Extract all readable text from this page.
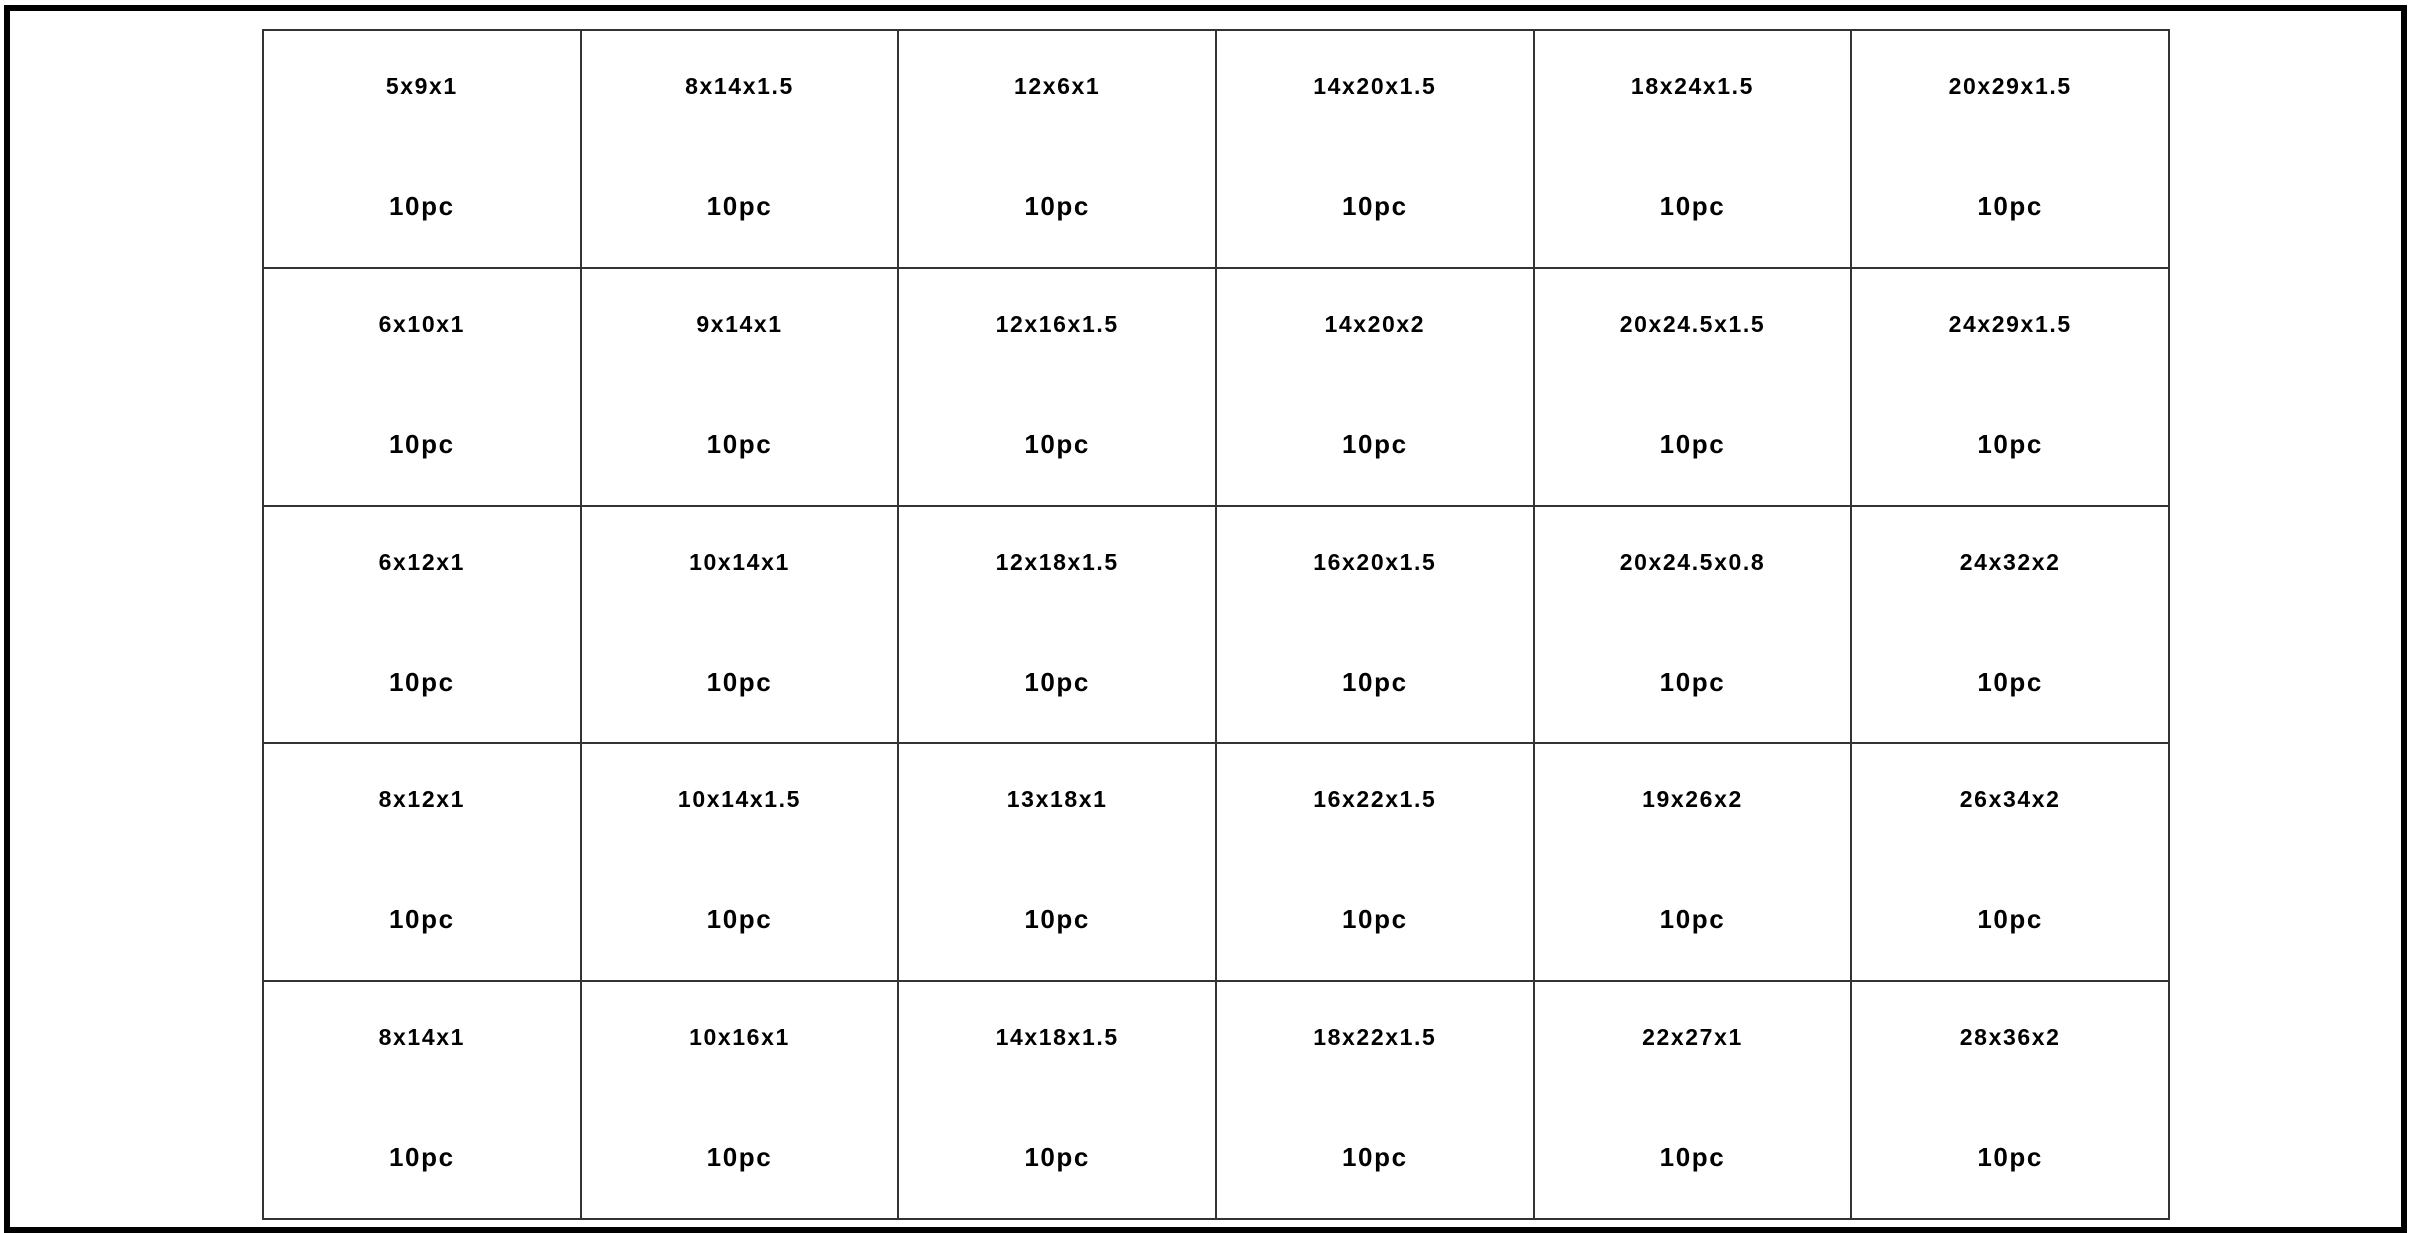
5x9x1
10pc
8x14x1.5
10pc
12x6x1
10pc
14x20x1.5
10pc
18x24x1.5
10pc
20x29x1.5
10pc
6x10x1
10pc
9x14x1
10pc
12x16x1.5
10pc
14x20x2
10pc
20x24.5x1.5
10pc
24x29x1.5
10pc
6x12x1
10pc
10x14x1
10pc
12x18x1.5
10pc
16x20x1.5
10pc
20x24.5x0.8
10pc
24x32x2
10pc
8x12x1
10pc
10x14x1.5
10pc
13x18x1
10pc
16x22x1.5
10pc
19x26x2
10pc
26x34x2
10pc
8x14x1
10pc
10x16x1
10pc
14x18x1.5
10pc
18x22x1.5
10pc
22x27x1
10pc
28x36x2
10pc
